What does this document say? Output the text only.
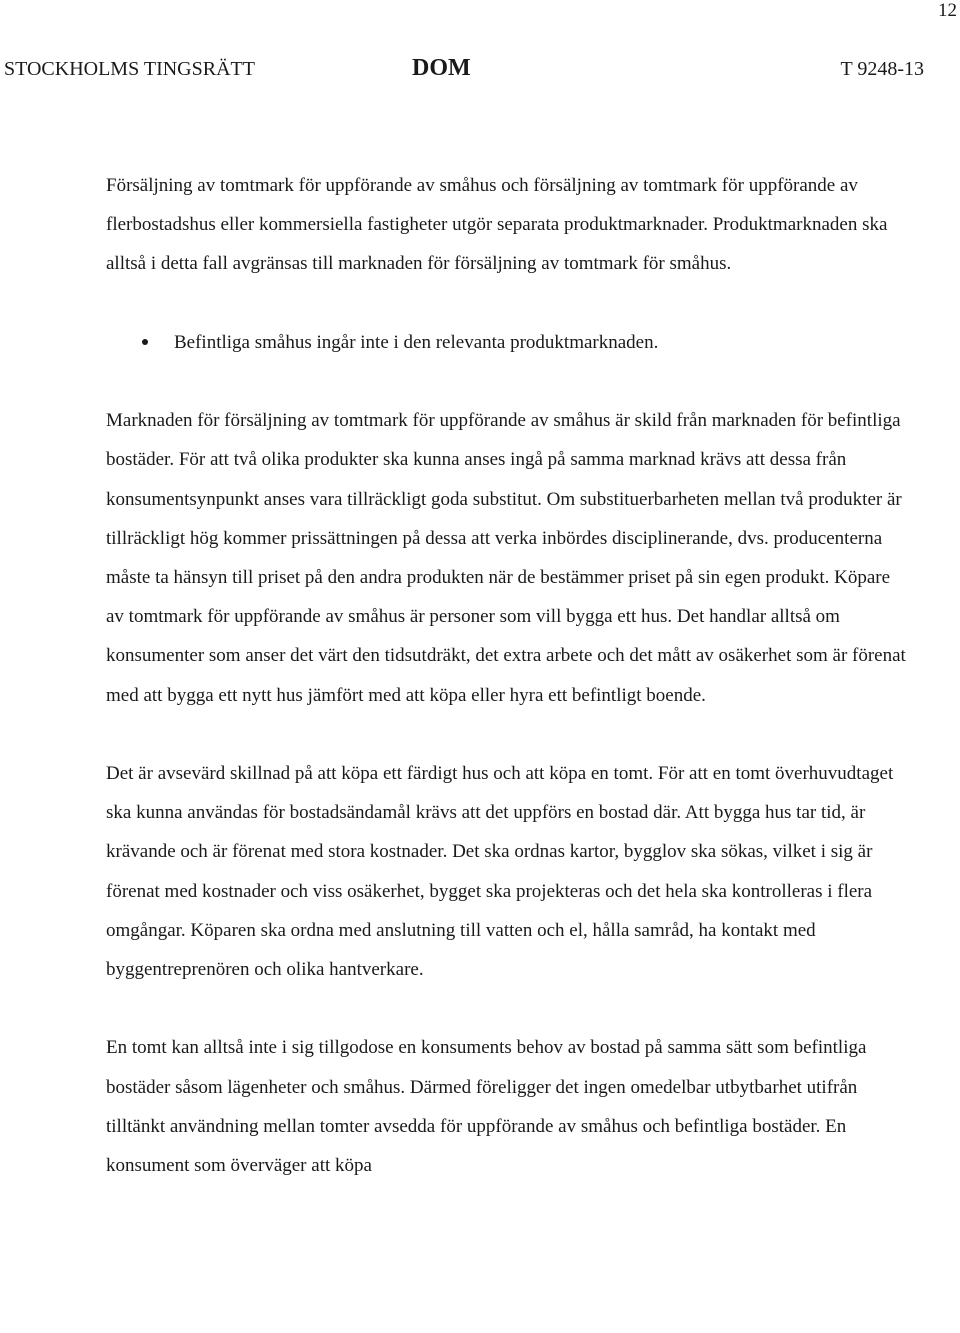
12
STOCKHOLMS TINGSRÄTT	DOM	T 9248-13

Försäljning av tomtmark för uppförande av småhus och försäljning av tomtmark för uppförande av flerbostadshus eller kommersiella fastigheter utgör separata produktmarknader. Produktmarknaden ska alltså i detta fall avgränsas till marknaden för försäljning av tomtmark för småhus.

Befintliga småhus ingår inte i den relevanta produktmarknaden.

Marknaden för försäljning av tomtmark för uppförande av småhus är skild från marknaden för befintliga bostäder. För att två olika produkter ska kunna anses ingå på samma marknad krävs att dessa från konsumentsynpunkt anses vara tillräckligt goda substitut. Om substituerbarheten mellan två produkter är tillräckligt hög kommer prissättningen på dessa att verka inbördes disciplinerande, dvs. producenterna måste ta hänsyn till priset på den andra produkten när de bestämmer priset på sin egen produkt. Köpare av tomtmark för uppförande av småhus är personer som vill bygga ett hus. Det handlar alltså om konsumenter som anser det värt den tidsutdräkt, det extra arbete och det mått av osäkerhet som är förenat med att bygga ett nytt hus jämfört med att köpa eller hyra ett befintligt boende.

Det är avsevärd skillnad på att köpa ett färdigt hus och att köpa en tomt. För att en tomt överhuvudtaget ska kunna användas för bostadsändamål krävs att det uppförs en bostad där. Att bygga hus tar tid, är krävande och är förenat med stora kostnader. Det ska ordnas kartor, bygglov ska sökas, vilket i sig är förenat med kostnader och viss osäkerhet, bygget ska projekteras och det hela ska kontrolleras i flera omgångar. Köparen ska ordna med anslutning till vatten och el, hålla samråd, ha kontakt med byggentreprenören och olika hantverkare.

En tomt kan alltså inte i sig tillgodose en konsuments behov av bostad på samma sätt som befintliga bostäder såsom lägenheter och småhus. Därmed föreligger det ingen omedelbar utbytbarhet utifrån tilltänkt användning mellan tomter avsedda för uppförande av småhus och befintliga bostäder. En konsument som överväger att köpa
